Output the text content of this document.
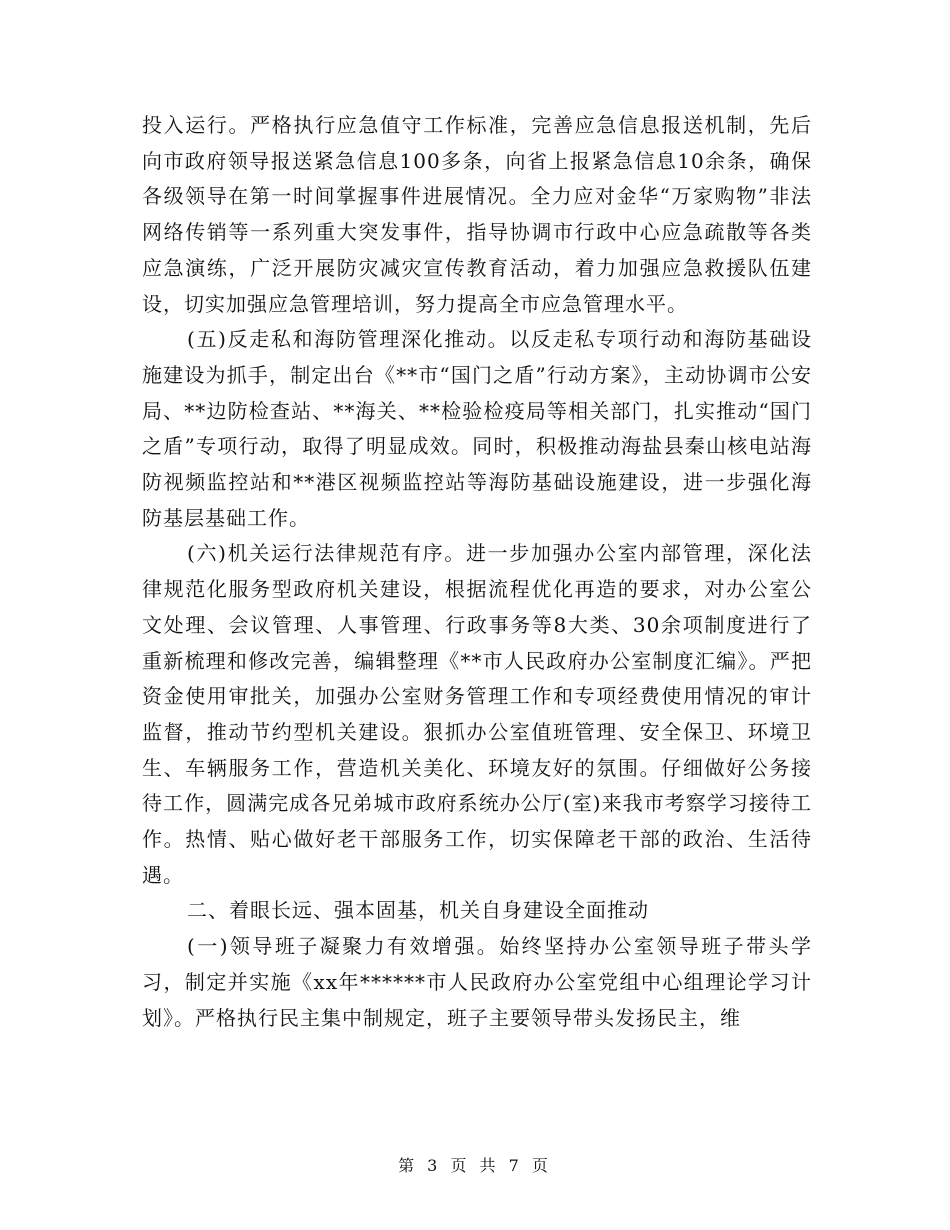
投入运行。严格执行应急值守工作标准，完善应急信息报送机制，先后向市政府领导报送紧急信息100多条，向省上报紧急信息10余条，确保各级领导在第一时间掌握事件进展情况。全力应对金华“万家购物”非法网络传销等一系列重大突发事件，指导协调市行政中心应急疏散等各类应急演练，广泛开展防灾减灾宣传教育活动，着力加强应急救援队伍建设，切实加强应急管理培训，努力提高全市应急管理水平。

(五)反走私和海防管理深化推动。以反走私专项行动和海防基础设施建设为抓手，制定出台《**市“国门之盾”行动方案》，主动协调市公安局、**边防检查站、**海关、**检验检疫局等相关部门，扎实推动“国门之盾”专项行动，取得了明显成效。同时，积极推动海盐县秦山核电站海防视频监控站和**港区视频监控站等海防基础设施建设，进一步强化海防基层基础工作。

(六)机关运行法律规范有序。进一步加强办公室内部管理，深化法律规范化服务型政府机关建设，根据流程优化再造的要求，对办公室公文处理、会议管理、人事管理、行政事务等8大类、30余项制度进行了重新梳理和修改完善，编辑整理《**市人民政府办公室制度汇编》。严把资金使用审批关，加强办公室财务管理工作和专项经费使用情况的审计监督，推动节约型机关建设。狠抓办公室值班管理、安全保卫、环境卫生、车辆服务工作，营造机关美化、环境友好的氛围。仔细做好公务接待工作，圆满完成各兄弟城市政府系统办公厅(室)来我市考察学习接待工作。热情、贴心做好老干部服务工作，切实保障老干部的政治、生活待遇。

二、着眼长远、强本固基，机关自身建设全面推动

(一)领导班子凝聚力有效增强。始终坚持办公室领导班子带头学习，制定并实施《xx年******市人民政府办公室党组中心组理论学习计划》。严格执行民主集中制规定，班子主要领导带头发扬民主，维

第 3 页 共 7 页
